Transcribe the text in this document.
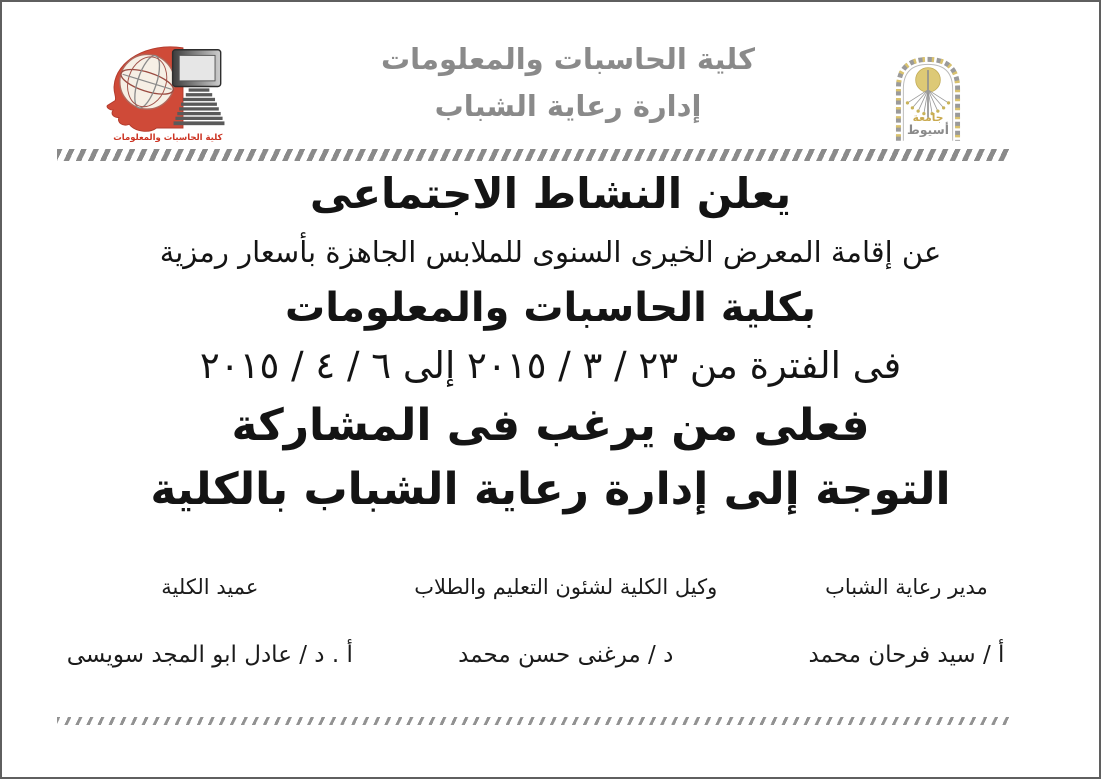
كلية الحاسبات والمعلومات
كلية الحاسبات والمعلومات
إدارة رعاية الشباب	جامعة
أسيوط
يعلن النشاط الاجتماعى
عن إقامة المعرض الخيرى السنوى للملابس الجاهزة بأسعار رمزية
بكلية الحاسبات والمعلومات
فى الفترة من ٢٣ / ٣ / ٢٠١٥ إلى ٦ / ٤ / ٢٠١٥
فعلى من يرغب فى المشاركة
التوجة إلى إدارة رعاية الشباب بالكلية
مدير رعاية الشباب
أ / سيد فرحان محمد
وكيل الكلية لشئون التعليم والطلاب
د / مرغنى حسن محمد
عميد الكلية
أ . د / عادل ابو المجد سويسى
